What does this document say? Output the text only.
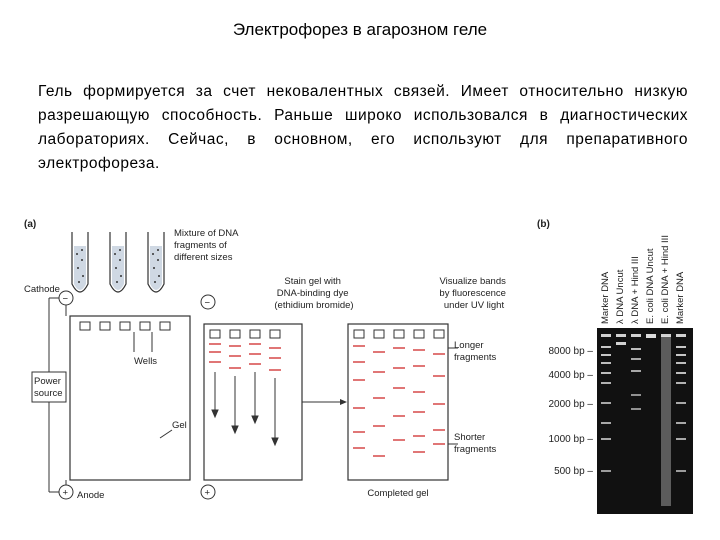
Электрофорез в агарозном геле
Гель формируется за счет нековалентных связей. Имеет относительно низкую разрешающую способность. Раньше широко использовался в диагностических лабораториях. Сейчас, в основном, его используют для препаративного электрофореза.
(a)
Mixture of DNA fragments of different sizes
Cathode
−
Wells
Gel
Power source
+ Anode
Stain gel with DNA-binding dye (ethidium bromide)
−
+
Visualize bands by fluorescence under UV light
Longer fragments
Shorter fragments
Completed gel
(b)
Marker DNA λ DNA Uncut λ DNA + Hind III E. coli DNA Uncut E. coli DNA + Hind III Marker DNA
8000 bp –
4000 bp –
2000 bp –
1000 bp –
500 bp –
